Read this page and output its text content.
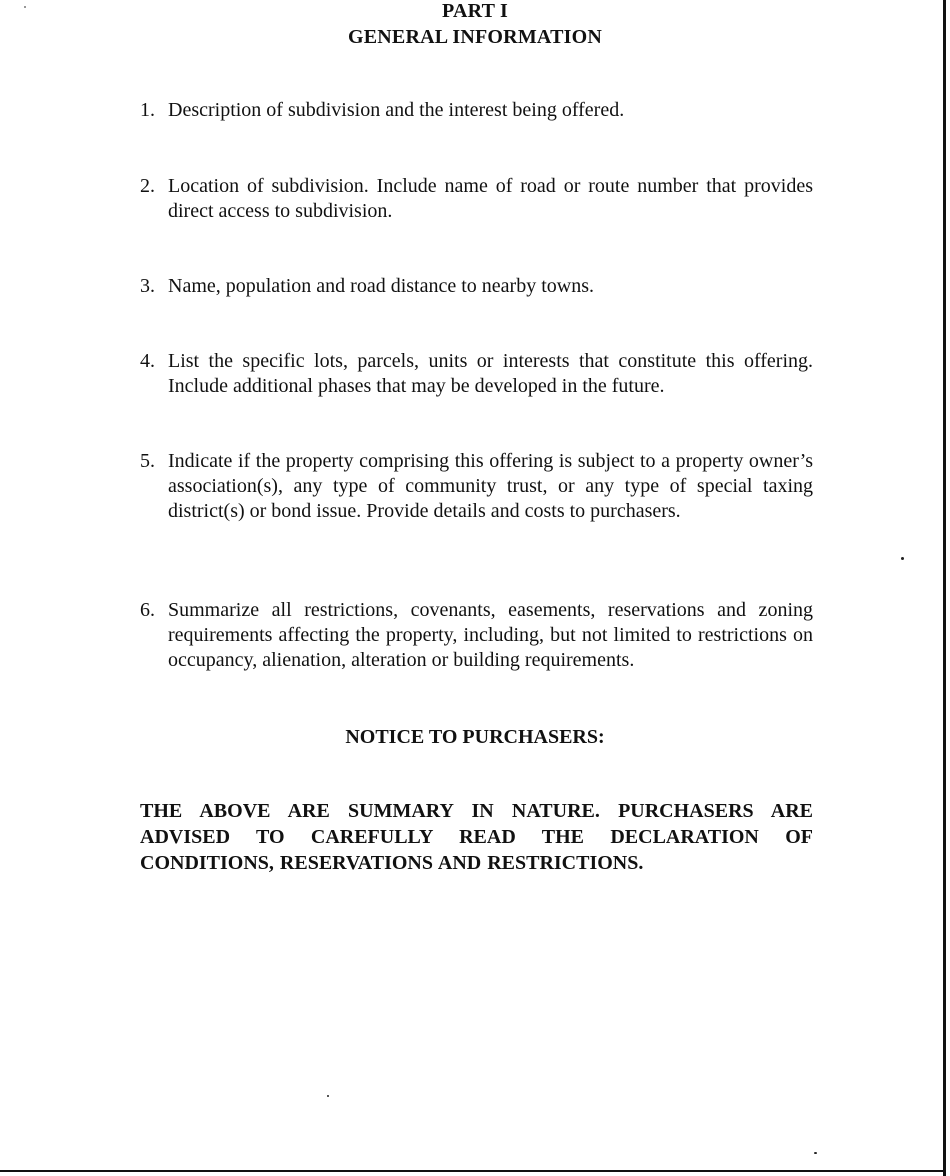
PART I
GENERAL INFORMATION
1. Description of subdivision and the interest being offered.
2. Location of subdivision. Include name of road or route number that provides direct access to subdivision.
3. Name, population and road distance to nearby towns.
4. List the specific lots, parcels, units or interests that constitute this offering. Include additional phases that may be developed in the future.
5. Indicate if the property comprising this offering is subject to a property owner’s association(s), any type of community trust, or any type of special taxing district(s) or bond issue. Provide details and costs to purchasers.
6. Summarize all restrictions, covenants, easements, reservations and zoning requirements affecting the property, including, but not limited to restrictions on occupancy, alienation, alteration or building requirements.
NOTICE TO PURCHASERS:
THE ABOVE ARE SUMMARY IN NATURE. PURCHASERS ARE ADVISED TO CAREFULLY READ THE DECLARATION OF CONDITIONS, RESERVATIONS AND RESTRICTIONS.
